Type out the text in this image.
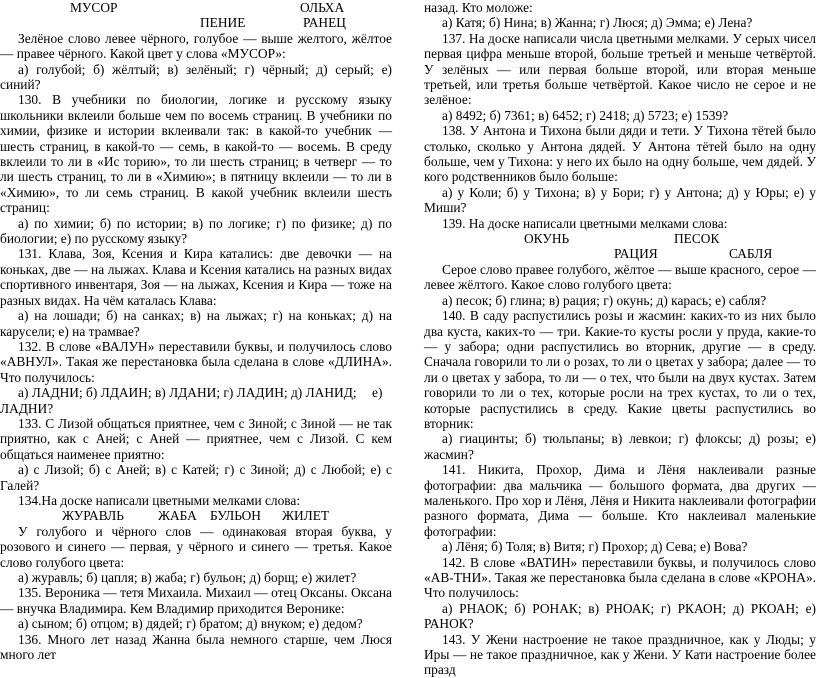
МУСОР	ОЛЬХА
ПЕНИЕ	РАНЕЦ

Зелёное слово левее чёрного, голубое — выше желтого, жёлтое — правее чёрного. Какой цвет у слова «МУСОР»:

а) голубой; б) жёлтый; в) зелёный; г) чёрный; д) серый; е) синий?

130. В учебники по биологии, логике и русскому языку школьники вклеили больше чем по восемь страниц. В учебники по химии, физике и истории вклеивали так: в какой-то учебник — шесть страниц, в какой-то — семь, в какой-то — восемь. В среду вклеили то ли в «Ис торию», то ли шесть страниц; в четверг — то ли шесть страниц, то ли в «Химию»; в пятницу вклеили — то ли в «Химию», то ли семь страниц. В какой учебник вклеили шесть страниц:

а) по химии; б) по истории; в) по логике; г) по физике; д) по биологии; е) по русскому языку?

131. Клава, Зоя, Ксения и Кира катались: две девочки — на коньках, две — на лыжах. Клава и Ксения катались на разных видах спортивного инвентаря, Зоя — на лыжах, Ксения и Кира — тоже на разных видах. На чём каталась Клава:

а) на лошади; б) на санках; в) на лыжах; г) на коньках; д) на карусели; е) на трамвае?

132. В слове «ВАЛУН» переставили буквы, и получилось слово «АВНУЛ». Такая же перестановка была сделана в слове «ДЛИНА». Что получилось:

а) ЛАДНИ; б) ЛДАИН; в) ЛДАНИ; г) ЛАДИН; д) ЛАНИД; е)
ЛАДНИ?

133. С Лизой общаться приятнее, чем с Зиной; с Зиной — не так приятно, как с Аней; с Аней — приятнее, чем с Лизой. С кем общаться наименее приятно:

а) с Лизой; б) с Аней; в) с Катей; г) с Зиной; д) с Любой; е) с Галей?

134.На доске написали цветными мелками слова:

ЖУРАВЛЬ	ЖАБА БУЛЬОН ЖИЛЕТ

У голубого и чёрного слов — одинаковая вторая буква, у розового и синего — первая, у чёрного и синего — третья. Какое слово голубого цвета:

а) журавль; б) цапля; в) жаба; г) бульон; д) борщ; е) жилет?

135. Вероника — тетя Михаила. Михаил — отец Оксаны. Оксана — внучка Владимира. Кем Владимир приходится Веронике:

а) сыном; б) отцом; в) дядей; г) братом; д) внуком; е) дедом?

136. Много лет назад Жанна была немного старше, чем Люся много лет

назад. Кто моложе:

а) Катя; б) Нина; в) Жанна; г) Люся; д) Эмма; е) Лена?

137. На доске написали числа цветными мелками. У серых чисел первая цифра меньше второй, больше третьей и меньше четвёртой. У зелёных — или первая больше второй, или вторая меньше третьей, или третья больше четвёртой. Какое число не серое и не зелёное:

а) 8492; б) 7361; в) 6452; г) 2418; д) 5723; е) 1539?

138. У Антона и Тихона были дяди и тети. У Тихона тётей было столько, сколько у Антона дядей. У Антона тётей было на одну больше, чем у Тихона: у него их было на одну больше, чем дядей. У кого родственников было больше:

а) у Коли; б) у Тихона; в) у Бори; г) у Антона; д) у Юры; е) у Миши?

139. На доске написали цветными мелками слова:

ОКУНЬ	ПЕСОК
РАЦИЯ	САБЛЯ

Серое слово правее голубого, жёлтое — выше красного, серое — левее жёлтого. Какое слово голубого цвета:

а) песок; б) глина; в) рация; г) окунь; д) карась; е) сабля?

140. В саду распустились розы и жасмин: каких-то из них было два куста, каких-то — три. Какие-то кусты росли у пруда, какие-то — у забора; одни распустились во вторник, другие — в среду. Сначала говорили то ли о розах, то ли о цветах у забора; далее — то ли о цветах у забора, то ли — о тех, что были на двух кустах. Затем говорили то ли о тех, которые росли на трех кустах, то ли о тех, которые распустились в среду. Какие цветы распустились во вторник:

а) гиацинты; б) тюльпаны; в) левкои; г) флоксы; д) розы; е) жасмин?

141. Никита, Прохор, Дима и Лёня наклеивали разные фотографии: два мальчика — большого формата, два других — маленького. Про хор и Лёня, Лёня и Никита наклеивали фотографии разного формата, Дима — больше. Кто наклеивал маленькие фотографии:

а) Лёня; б) Толя; в) Витя; г) Прохор; д) Сева; е) Вова?

142. В слове «ВАТИН» переставили буквы, и получилось слово «АВ-ТНИ». Такая же перестановка была сделана в слове «КРОНА». Что получилось:

а) РНАОК; б) РОНАК; в) РНОАК; г) РКАОН; д) РКОАН; е) РАНОК?

143. У Жени настроение не такое праздничное, как у Люды; у Иры — не такое праздничное, как у Жени. У Кати настроение более празд
